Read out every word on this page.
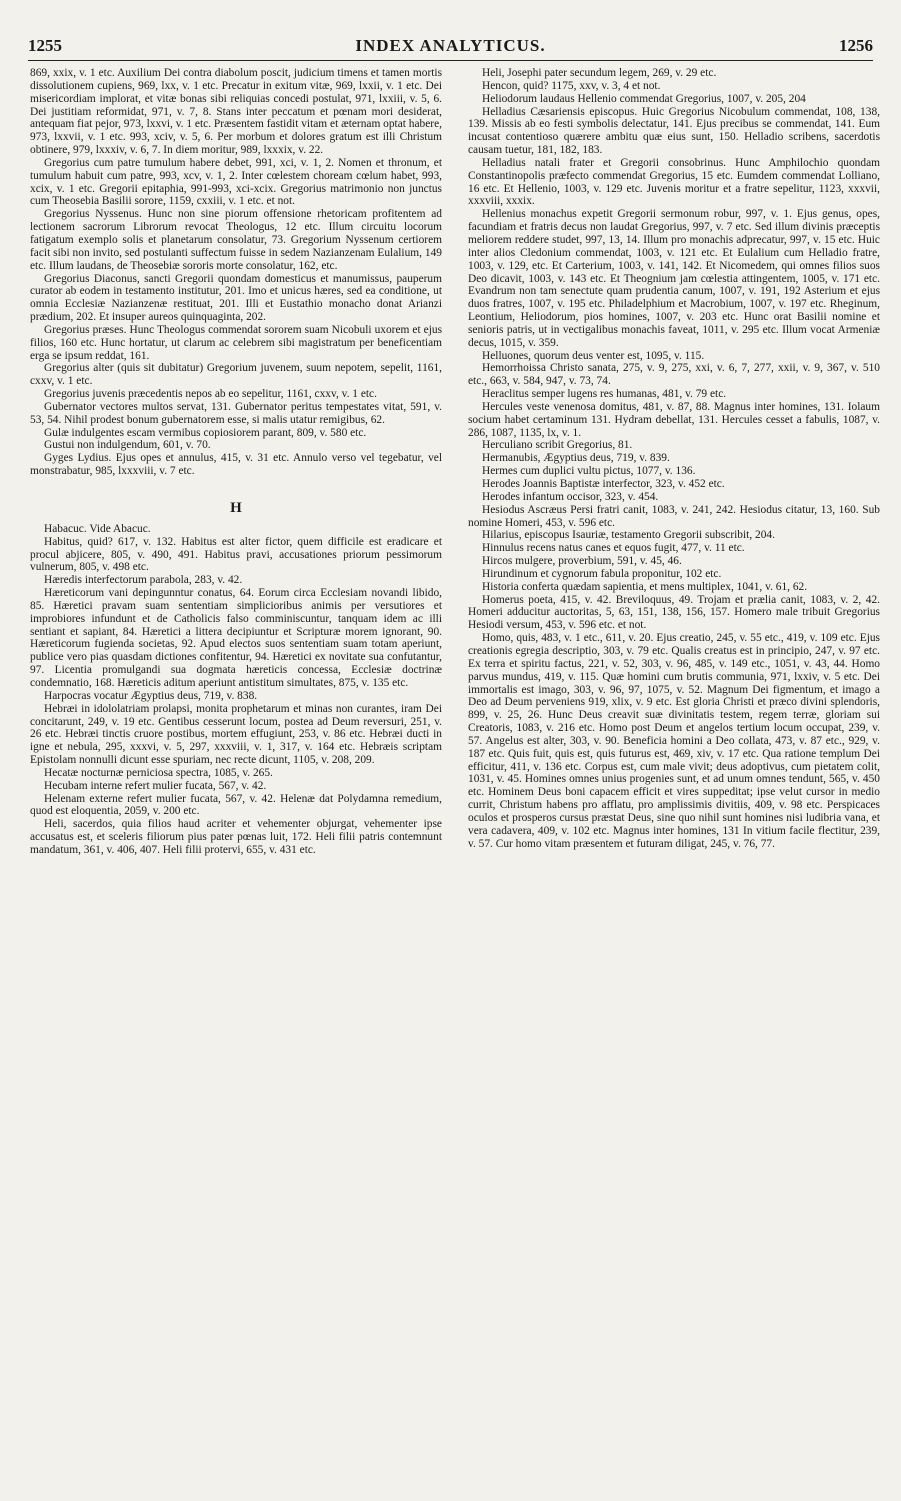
1255	INDEX ANALYTICUS.	1256

869, xxix, v. 1 etc. Auxilium Dei contra diabolum poscit, judicium timens et tamen mortis dissolutionem cupiens, 969, lxx, v. 1 etc. Precatur in exitum vitæ, 969, lxxii, v. 1 etc. Dei misericordiam implorat, et vitæ bonas sibi reliquias concedi postulat, 971, lxxiii, v. 5, 6. Dei justitiam reformidat, 971, v. 7, 8. Stans inter peccatum et pœnam mori desiderat, antequam fiat pejor, 973, lxxvi, v. 1 etc. Præsentem fastidit vitam et æternam optat habere, 973, lxxvii, v. 1 etc. 993, xciv, v. 5, 6. Per morbum et dolores gratum est illi Christum obtinere, 979, lxxxiv, v. 6, 7. In diem moritur, 989, lxxxix, v. 22.

Gregorius cum patre tumulum habere debet, 991, xci, v. 1, 2. Nomen et thronum, et tumulum habuit cum patre, 993, xcv, v. 1, 2. Inter cœlestem choream cœlum habet, 993, xcix, v. 1 etc. Gregorii epitaphia, 991-993, xci-xcix. Gregorius matrimonio non junctus cum Theosebia Basilii sorore, 1159, cxxiii, v. 1 etc. et not.

Gregorius Nyssenus. Hunc non sine piorum offensione rhetoricam profitentem ad lectionem sacrorum Librorum revocat Theologus, 12 etc. Illum circuitu locorum fatigatum exemplo solis et planetarum consolatur, 73. Gregorium Nyssenum certiorem facit sibi non invito, sed postulanti suffectum fuisse in sedem Nazianzenam Eulalium, 149 etc. Illum laudans, de Theosebiæ sororis morte consolatur, 162, etc.

Gregorius Diaconus, sancti Gregorii quondam domesticus et manumissus, pauperum curator ab eodem in testamento institutur, 201. Imo et unicus hæres, sed ea conditione, ut omnia Ecclesiæ Nazianzenæ restituat, 201. Illi et Eustathio monacho donat Arianzi prædium, 202. Et insuper aureos quinquaginta, 202.

Gregorius præses. Hunc Theologus commendat sororem suam Nicobuli uxorem et ejus filios, 160 etc. Hunc hortatur, ut clarum ac celebrem sibi magistratum per beneficentiam erga se ipsum reddat, 161.

Gregorius alter (quis sit dubitatur) Gregorium juvenem, suum nepotem, sepelit, 1161, cxxv, v. 1 etc.

Gregorius juvenis præcedentis nepos ab eo sepelitur, 1161, cxxv, v. 1 etc.

Gubernator vectores multos servat, 131. Gubernator peritus tempestates vitat, 591, v. 53, 54. Nihil prodest bonum gubernatorem esse, si malis utatur remigibus, 62.

Gulæ indulgentes escam vermibus copiosiorem parant, 809, v. 580 etc.

Gustui non indulgendum, 601, v. 70.

Gyges Lydius. Ejus opes et annulus, 415, v. 31 etc. Annulo verso vel tegebatur, vel monstrabatur, 985, lxxxviii, v. 7 etc.

H

Habacuc. Vide Abacuc.

Habitus, quid? 617, v. 132. Habitus est alter fictor, quem difficile est eradicare et procul abjicere, 805, v. 490, 491. Habitus pravi, accusationes priorum pessimorum vulnerum, 805, v. 498 etc.

Hæredis interfectorum parabola, 283, v. 42.

Hæreticorum vani depingunntur conatus, 64. Eorum circa Ecclesiam novandi libido, 85. Hæretici pravam suam sententiam simplicioribus animis per versutiores et improbiores infundunt et de Catholicis falso comminiscuntur, tanquam idem ac illi sentiant et sapiant, 84. Hæretici a littera decipiuntur et Scripturæ morem ignorant, 90. Hæreticorum fugienda societas, 92. Apud electos suos sententiam suam totam aperiunt, publice vero pias quasdam dictiones confitentur, 94. Hæretici ex novitate sua confutantur, 97. Licentia promulgandi sua dogmata hæreticis concessa, Ecclesiæ doctrinæ condemnatio, 168. Hæreticis aditum aperiunt antistitum simultates, 875, v. 135 etc.

Harpocras vocatur Ægyptius deus, 719, v. 838.

Hebræi in idololatriam prolapsi, monita prophetarum et minas non curantes, iram Dei concitarunt, 249, v. 19 etc. Gentibus cesserunt locum, postea ad Deum reversuri, 251, v. 26 etc. Hebræi tinctis cruore postibus, mortem effugiunt, 253, v. 86 etc. Hebræi ducti in igne et nebula, 295, xxxvi, v. 5, 297, xxxviii, v. 1, 317, v. 164 etc. Hebræis scriptam Epistolam nonnulli dicunt esse spuriam, nec recte dicunt, 1105, v. 208, 209.

Hecatæ nocturnæ perniciosa spectra, 1085, v. 265.

Hecubam interne refert mulier fucata, 567, v. 42.

Helenam externe refert mulier fucata, 567, v. 42. Helenæ dat Polydamna remedium, quod est eloquentia, 2059, v. 200 etc.

Heli, sacerdos, quia filios haud acriter et vehementer objurgat, vehementer ipse accusatus est, et sceleris filiorum pius pater pœnas luit, 172. Heli filii patris contemnunt mandatum, 361, v. 406, 407. Heli filii protervi, 655, v. 431 etc.

Heli, Josephi pater secundum legem, 269, v. 29 etc.

Hencon, quid? 1175, xxv, v. 3, 4 et not.

Heliodorum laudaus Hellenio commendat Gregorius, 1007, v. 205, 204

Helladius Cæsariensis episcopus. Huic Gregorius Nicobulum commendat, 108, 138, 139. Missis ab eo festi symbolis delectatur, 141. Ejus precibus se commendat, 141. Eum incusat contentioso quærere ambitu quæ eius sunt, 150. Helladio scribens, sacerdotis causam tuetur, 181, 182, 183.

Helladius natali frater et Gregorii consobrinus. Hunc Amphilochio quondam Constantinopolis præfecto commendat Gregorius, 15 etc. Eumdem commendat Lolliano, 16 etc. Et Hellenio, 1003, v. 129 etc. Juvenis moritur et a fratre sepelitur, 1123, xxxvii, xxxviii, xxxix.

Hellenius monachus expetit Gregorii sermonum robur, 997, v. 1. Ejus genus, opes, facundiam et fratris decus non laudat Gregorius, 997, v. 7 etc. Sed illum divinis præceptis meliorem reddere studet, 997, 13, 14. Illum pro monachis adprecatur, 997, v. 15 etc. Huic inter alios Cledonium commendat, 1003, v. 121 etc. Et Eulalium cum Helladio fratre, 1003, v. 129, etc. Et Carterium, 1003, v. 141, 142. Et Nicomedem, qui omnes filios suos Deo dicavit, 1003, v. 143 etc. Et Theognium jam cœlestia attingentem, 1005, v. 171 etc. Evandrum non tam senectute quam prudentia canum, 1007, v. 191, 192 Asterium et ejus duos fratres, 1007, v. 195 etc. Philadelphium et Macrobium, 1007, v. 197 etc. Rheginum, Leontium, Heliodorum, pios homines, 1007, v. 203 etc. Hunc orat Basilii nomine et senioris patris, ut in vectigalibus monachis faveat, 1011, v. 295 etc. Illum vocat Armeniæ decus, 1015, v. 359.

Helluones, quorum deus venter est, 1095, v. 115.

Hemorrhoissa Christo sanata, 275, v. 9, 275, xxi, v. 6, 7, 277, xxii, v. 9, 367, v. 510 etc., 663, v. 584, 947, v. 73, 74.

Heraclitus semper lugens res humanas, 481, v. 79 etc.

Hercules veste venenosa domitus, 481, v. 87, 88. Magnus inter homines, 131. Iolaum socium habet certaminum 131. Hydram debellat, 131. Hercules cesset a fabulis, 1087, v. 286, 1087, 1135, lx, v. 1.

Herculiano scribit Gregorius, 81.

Hermanubis, Ægyptius deus, 719, v. 839.

Hermes cum duplici vultu pictus, 1077, v. 136.

Herodes Joannis Baptistæ interfector, 323, v. 452 etc.

Herodes infantum occisor, 323, v. 454.

Hesiodus Ascræus Persi fratri canit, 1083, v. 241, 242. Hesiodus citatur, 13, 160. Sub nomine Homeri, 453, v. 596 etc.

Hilarius, episcopus Isauriæ, testamento Gregorii subscribit, 204.

Hinnulus recens natus canes et equos fugit, 477, v. 11 etc.

Hircos mulgere, proverbium, 591, v. 45, 46.

Hirundinum et cygnorum fabula proponitur, 102 etc.

Historia conferta quædam sapientia, et mens multiplex, 1041, v. 61, 62.

Homerus poeta, 415, v. 42. Breviloquus, 49. Trojam et prælia canit, 1083, v. 2, 42. Homeri adducitur auctoritas, 5, 63, 151, 138, 156, 157. Homero male tribuit Gregorius Hesiodi versum, 453, v. 596 etc. et not.

Homo, quis, 483, v. 1 etc., 611, v. 20. Ejus creatio, 245, v. 55 etc., 419, v. 109 etc. Ejus creationis egregia descriptio, 303, v. 79 etc. Qualis creatus est in principio, 247, v. 97 etc. Ex terra et spiritu factus, 221, v. 52, 303, v. 96, 485, v. 149 etc., 1051, v. 43, 44. Homo parvus mundus, 419, v. 115. Quæ homini cum brutis communia, 971, lxxiv, v. 5 etc. Dei immortalis est imago, 303, v. 96, 97, 1075, v. 52. Magnum Dei figmentum, et imago a Deo ad Deum perveniens 919, xlix, v. 9 etc. Est gloria Christi et præco divini splendoris, 899, v. 25, 26. Hunc Deus creavit suæ divinitatis testem, regem terræ, gloriam sui Creatoris, 1083, v. 216 etc. Homo post Deum et angelos tertium locum occupat, 239, v. 57. Angelus est alter, 303, v. 90. Beneficia homini a Deo collata, 473, v. 87 etc., 929, v. 187 etc. Quis fuit, quis est, quis futurus est, 469, xiv, v. 17 etc. Qua ratione templum Dei efficitur, 411, v. 136 etc. Corpus est, cum male vivit; deus adoptivus, cum pietatem colit, 1031, v. 45. Homines omnes unius progenies sunt, et ad unum omnes tendunt, 565, v. 450 etc. Hominem Deus boni capacem efficit et vires suppeditat; ipse velut cursor in medio currit, Christum habens pro afflatu, pro amplissimis divitiis, 409, v. 98 etc. Perspicaces oculos et prosperos cursus præstat Deus, sine quo nihil sunt homines nisi ludibria vana, et vera cadavera, 409, v. 102 etc. Magnus inter homines, 131 In vitium facile flectitur, 239, v. 57. Cur homo vitam præsentem et futuram diligat, 245, v. 76, 77.
